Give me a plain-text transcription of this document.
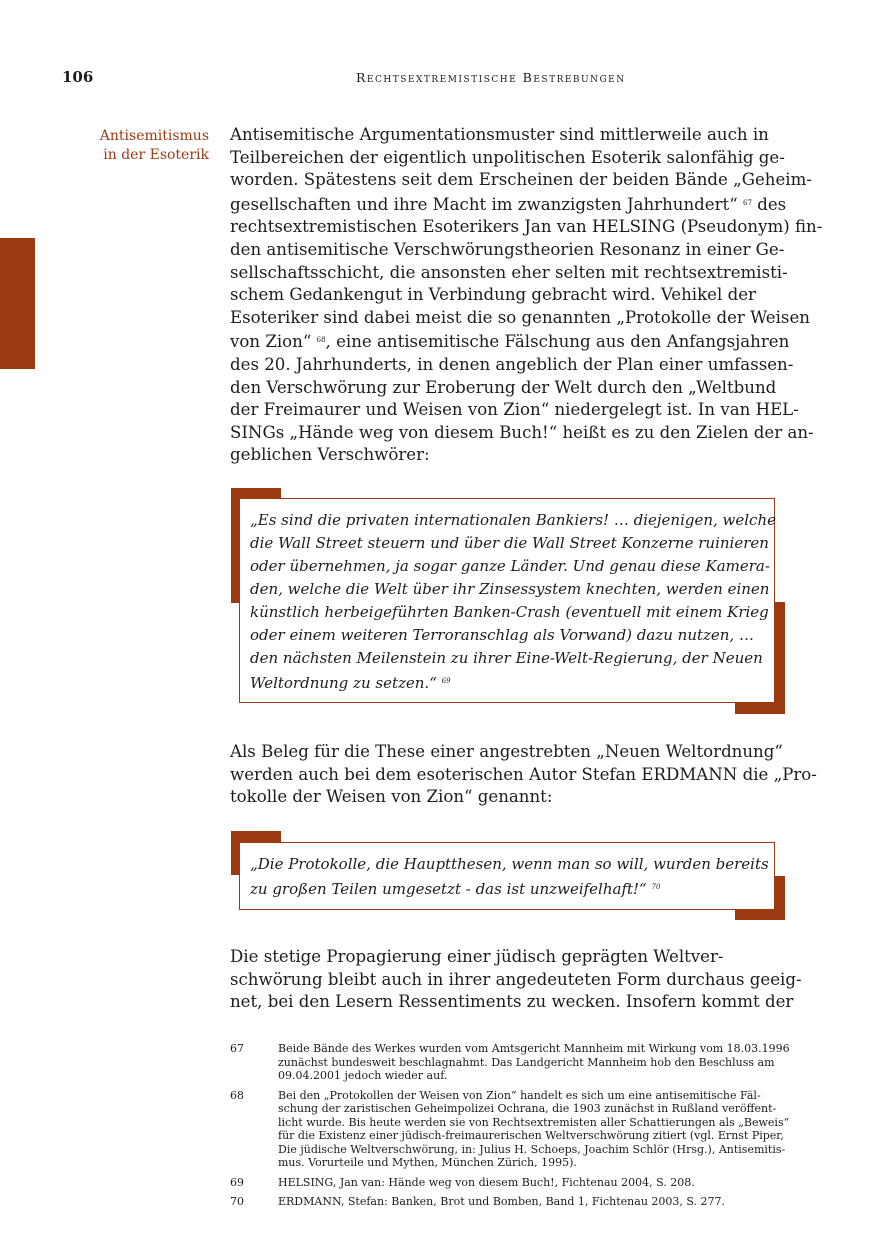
106	Rechtsextremistische Bestrebungen
Antisemitismus
in der Esoterik
Antisemitische Argumentationsmuster sind mittlerweile auch in
Teilbereichen der eigentlich unpolitischen Esoterik salonfähig ge-
worden. Spätestens seit dem Erscheinen der beiden Bände „Geheim-
gesellschaften und ihre Macht im zwanzigsten Jahrhundert“ $^{67}$ des
rechtsextremistischen Esoterikers Jan van HELSING (Pseudonym) fin-
den antisemitische Verschwörungstheorien Resonanz in einer Ge-
sellschaftsschicht, die ansonsten eher selten mit rechtsextremisti-
schem Gedankengut in Verbindung gebracht wird. Vehikel der
Esoteriker sind dabei meist die so genannten „Protokolle der Weisen
von Zion“ $^{68}$, eine antisemitische Fälschung aus den Anfangsjahren
des 20. Jahrhunderts, in denen angeblich der Plan einer umfassen-
den Verschwörung zur Eroberung der Welt durch den „Weltbund
der Freimaurer und Weisen von Zion“ niedergelegt ist. In van HEL-
SINGs „Hände weg von diesem Buch!“ heißt es zu den Zielen der an-
geblichen Verschwörer:
„Es sind die privaten internationalen Bankiers! … diejenigen, welche
die Wall Street steuern und über die Wall Street Konzerne ruinieren
oder übernehmen, ja sogar ganze Länder. Und genau diese Kamera-
den, welche die Welt über ihr Zinsessystem knechten, werden einen
künstlich herbeigeführten Banken-Crash (eventuell mit einem Krieg
oder einem weiteren Terroranschlag als Vorwand) dazu nutzen, …
den nächsten Meilenstein zu ihrer Eine-Welt-Regierung, der Neuen
Weltordnung zu setzen.“ $^{69}$
Als Beleg für die These einer angestrebten „Neuen Weltordnung“
werden auch bei dem esoterischen Autor Stefan ERDMANN die „Pro-
tokolle der Weisen von Zion“ genannt:
„Die Protokolle, die Hauptthesen, wenn man so will, wurden bereits
zu großen Teilen umgesetzt - das ist unzweifelhaft!“ $^{70}$
Die stetige Propagierung einer jüdisch geprägten Weltver-
schwörung bleibt auch in ihrer angedeuteten Form durchaus geeig-
net, bei den Lesern Ressentiments zu wecken. Insofern kommt der
67	Beide Bände des Werkes wurden vom Amtsgericht Mannheim mit Wirkung vom 18.03.1996
zunächst bundesweit beschlagnahmt. Das Landgericht Mannheim hob den Beschluss am
09.04.2001 jedoch wieder auf.
68	Bei den „Protokollen der Weisen von Zion“ handelt es sich um eine antisemitische Fäl-
schung der zaristischen Geheimpolizei Ochrana, die 1903 zunächst in Rußland veröffent-
licht wurde. Bis heute werden sie von Rechtsextremisten aller Schattierungen als „Beweis“
für die Existenz einer jüdisch-freimaurerischen Weltverschwörung zitiert (vgl. Ernst Piper,
Die jüdische Weltverschwörung, in: Julius H. Schoeps, Joachim Schlör (Hrsg.), Antisemitis-
mus. Vorurteile und Mythen, München Zürich, 1995).
69	HELSING, Jan van: Hände weg von diesem Buch!, Fichtenau 2004, S. 208.
70	ERDMANN, Stefan: Banken, Brot und Bomben, Band 1, Fichtenau 2003, S. 277.
